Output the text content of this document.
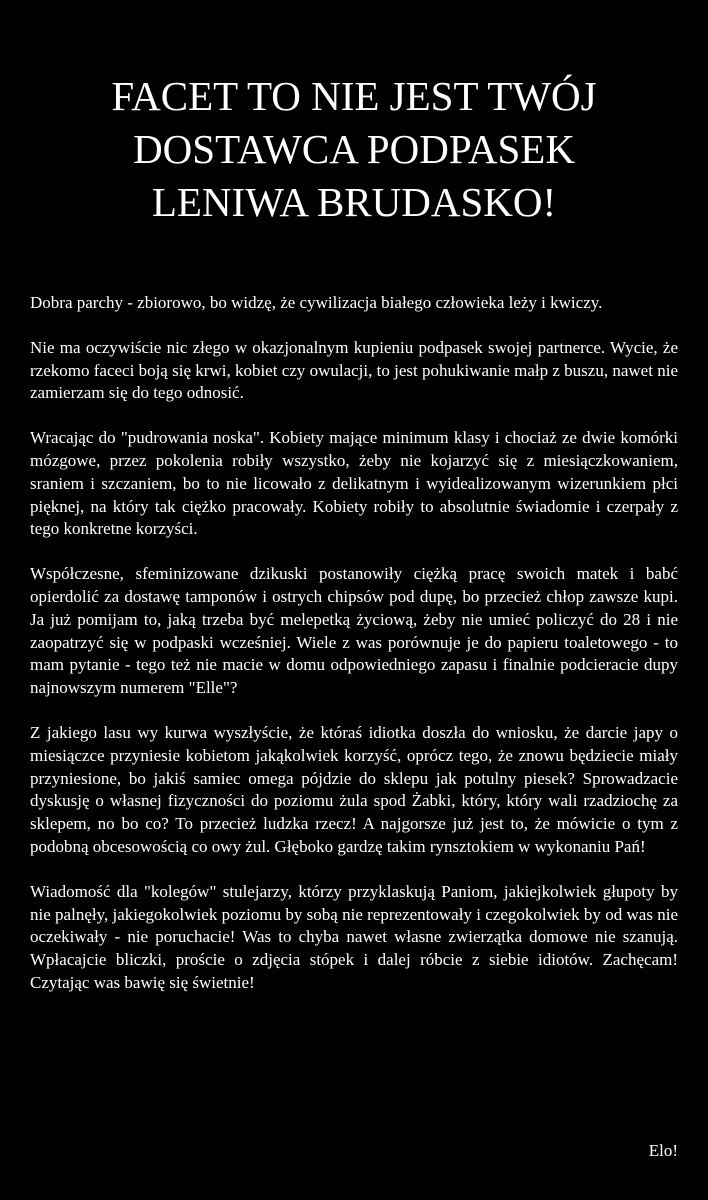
FACET TO NIE JEST TWÓJ DOSTAWCA PODPASEK LENIWA BRUDASKO!

Dobra parchy - zbiorowo, bo widzę, że cywilizacja białego człowieka leży i kwiczy.

Nie ma oczywiście nic złego w okazjonalnym kupieniu podpasek swojej partnerce. Wycie, że rzekomo faceci boją się krwi, kobiet czy owulacji, to jest pohukiwanie małp z buszu, nawet nie zamierzam się do tego odnosić.

Wracając do "pudrowania noska". Kobiety mające minimum klasy i chociaż ze dwie komórki mózgowe, przez pokolenia robiły wszystko, żeby nie kojarzyć się z miesiączkowaniem, sraniem i szczaniem, bo to nie licowało z delikatnym i wyidealizowanym wizerunkiem płci pięknej, na który tak ciężko pracowały. Kobiety robiły to absolutnie świadomie i czerpały z tego konkretne korzyści.

Współczesne, sfeminizowane dzikuski postanowiły ciężką pracę swoich matek i babć opierdolić za dostawę tamponów i ostrych chipsów pod dupę, bo przecież chłop zawsze kupi. Ja już pomijam to, jaką trzeba być melepetką życiową, żeby nie umieć policzyć do 28 i nie zaopatrzyć się w podpaski wcześniej. Wiele z was porównuje je do papieru toaletowego - to mam pytanie - tego też nie macie w domu odpowiedniego zapasu i finalnie podcieracie dupy najnowszym numerem "Elle"?

Z jakiego lasu wy kurwa wyszłyście, że któraś idiotka doszła do wniosku, że darcie japy o miesiączce przyniesie kobietom jakąkolwiek korzyść, oprócz tego, że znowu będziecie miały przyniesione, bo jakiś samiec omega pójdzie do sklepu jak potulny piesek? Sprowadzacie dyskusję o własnej fizyczności do poziomu żula spod Żabki, który, który wali rzadziochę za sklepem, no bo co? To przecież ludzka rzecz! A najgorsze już jest to, że mówicie o tym z podobną obcesowością co owy żul. Głęboko gardzę takim rynsztokiem w wykonaniu Pań!

Wiadomość dla "kolegów" stulejarzy, którzy przyklaskują Paniom, jakiejkolwiek głupoty by nie palnęły, jakiegokolwiek poziomu by sobą nie reprezentowały i czegokolwiek by od was nie oczekiwały - nie poruchacie! Was to chyba nawet własne zwierzątka domowe nie szanują. Wpłacajcie bliczki, proście o zdjęcia stópek i dalej róbcie z siebie idiotów. Zachęcam! Czytając was bawię się świetnie!

Elo!
